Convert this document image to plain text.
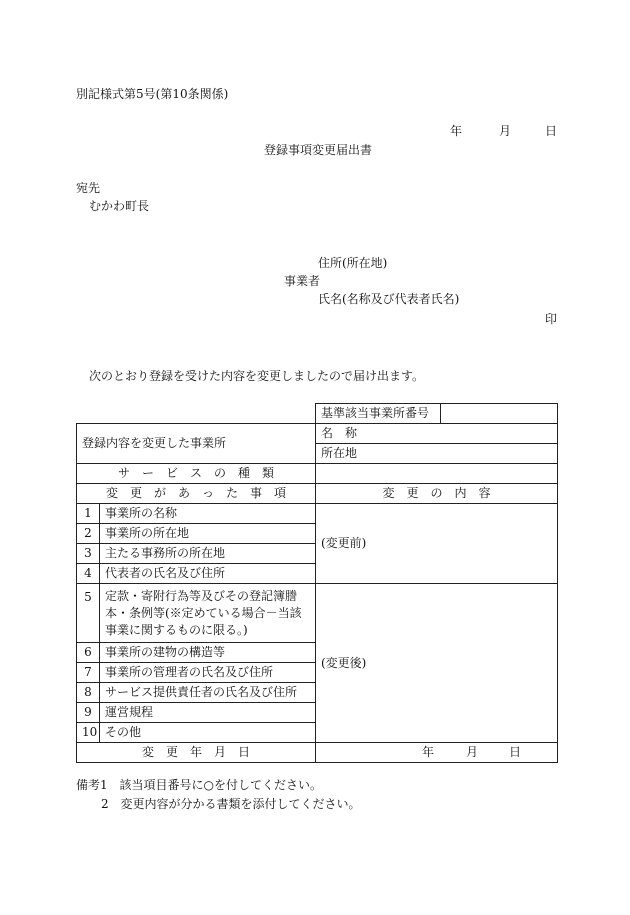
別記様式第5号(第10条関係)
年	月	日
登録事項変更届出書
宛先
むかわ町長
住所(所在地)
事業者
氏名(名称及び代表者氏名)
印
次のとおり登録を受けた内容を変更しましたので届け出ます。

基準該当事業所番号

登録内容を変更した事業所		名　称
		所在地
サ　ー　ビ　ス　の　種　類		
変　更　が　あ　っ　た　事　項		変　更　の　内　容
1	事業所の名称	(変更前)
2	事業所の所在地	
3	主たる事務所の所在地	
4	代表者の氏名及び住所	
5	定款・寄附行為等及びその登記簿謄本・条例等(※定めている場合－当該事業に関するものに限る。)	
		(変更後)
6	事業所の建物の構造等	
7	事業所の管理者の氏名及び住所	
8	サービス提供責任者の氏名及び住所	
9	運営規程	
10	その他	
変　更　年　月　日		年 月 日
備考1 該当項目番号に○を付してください。
2 変更内容が分かる書類を添付してください。
